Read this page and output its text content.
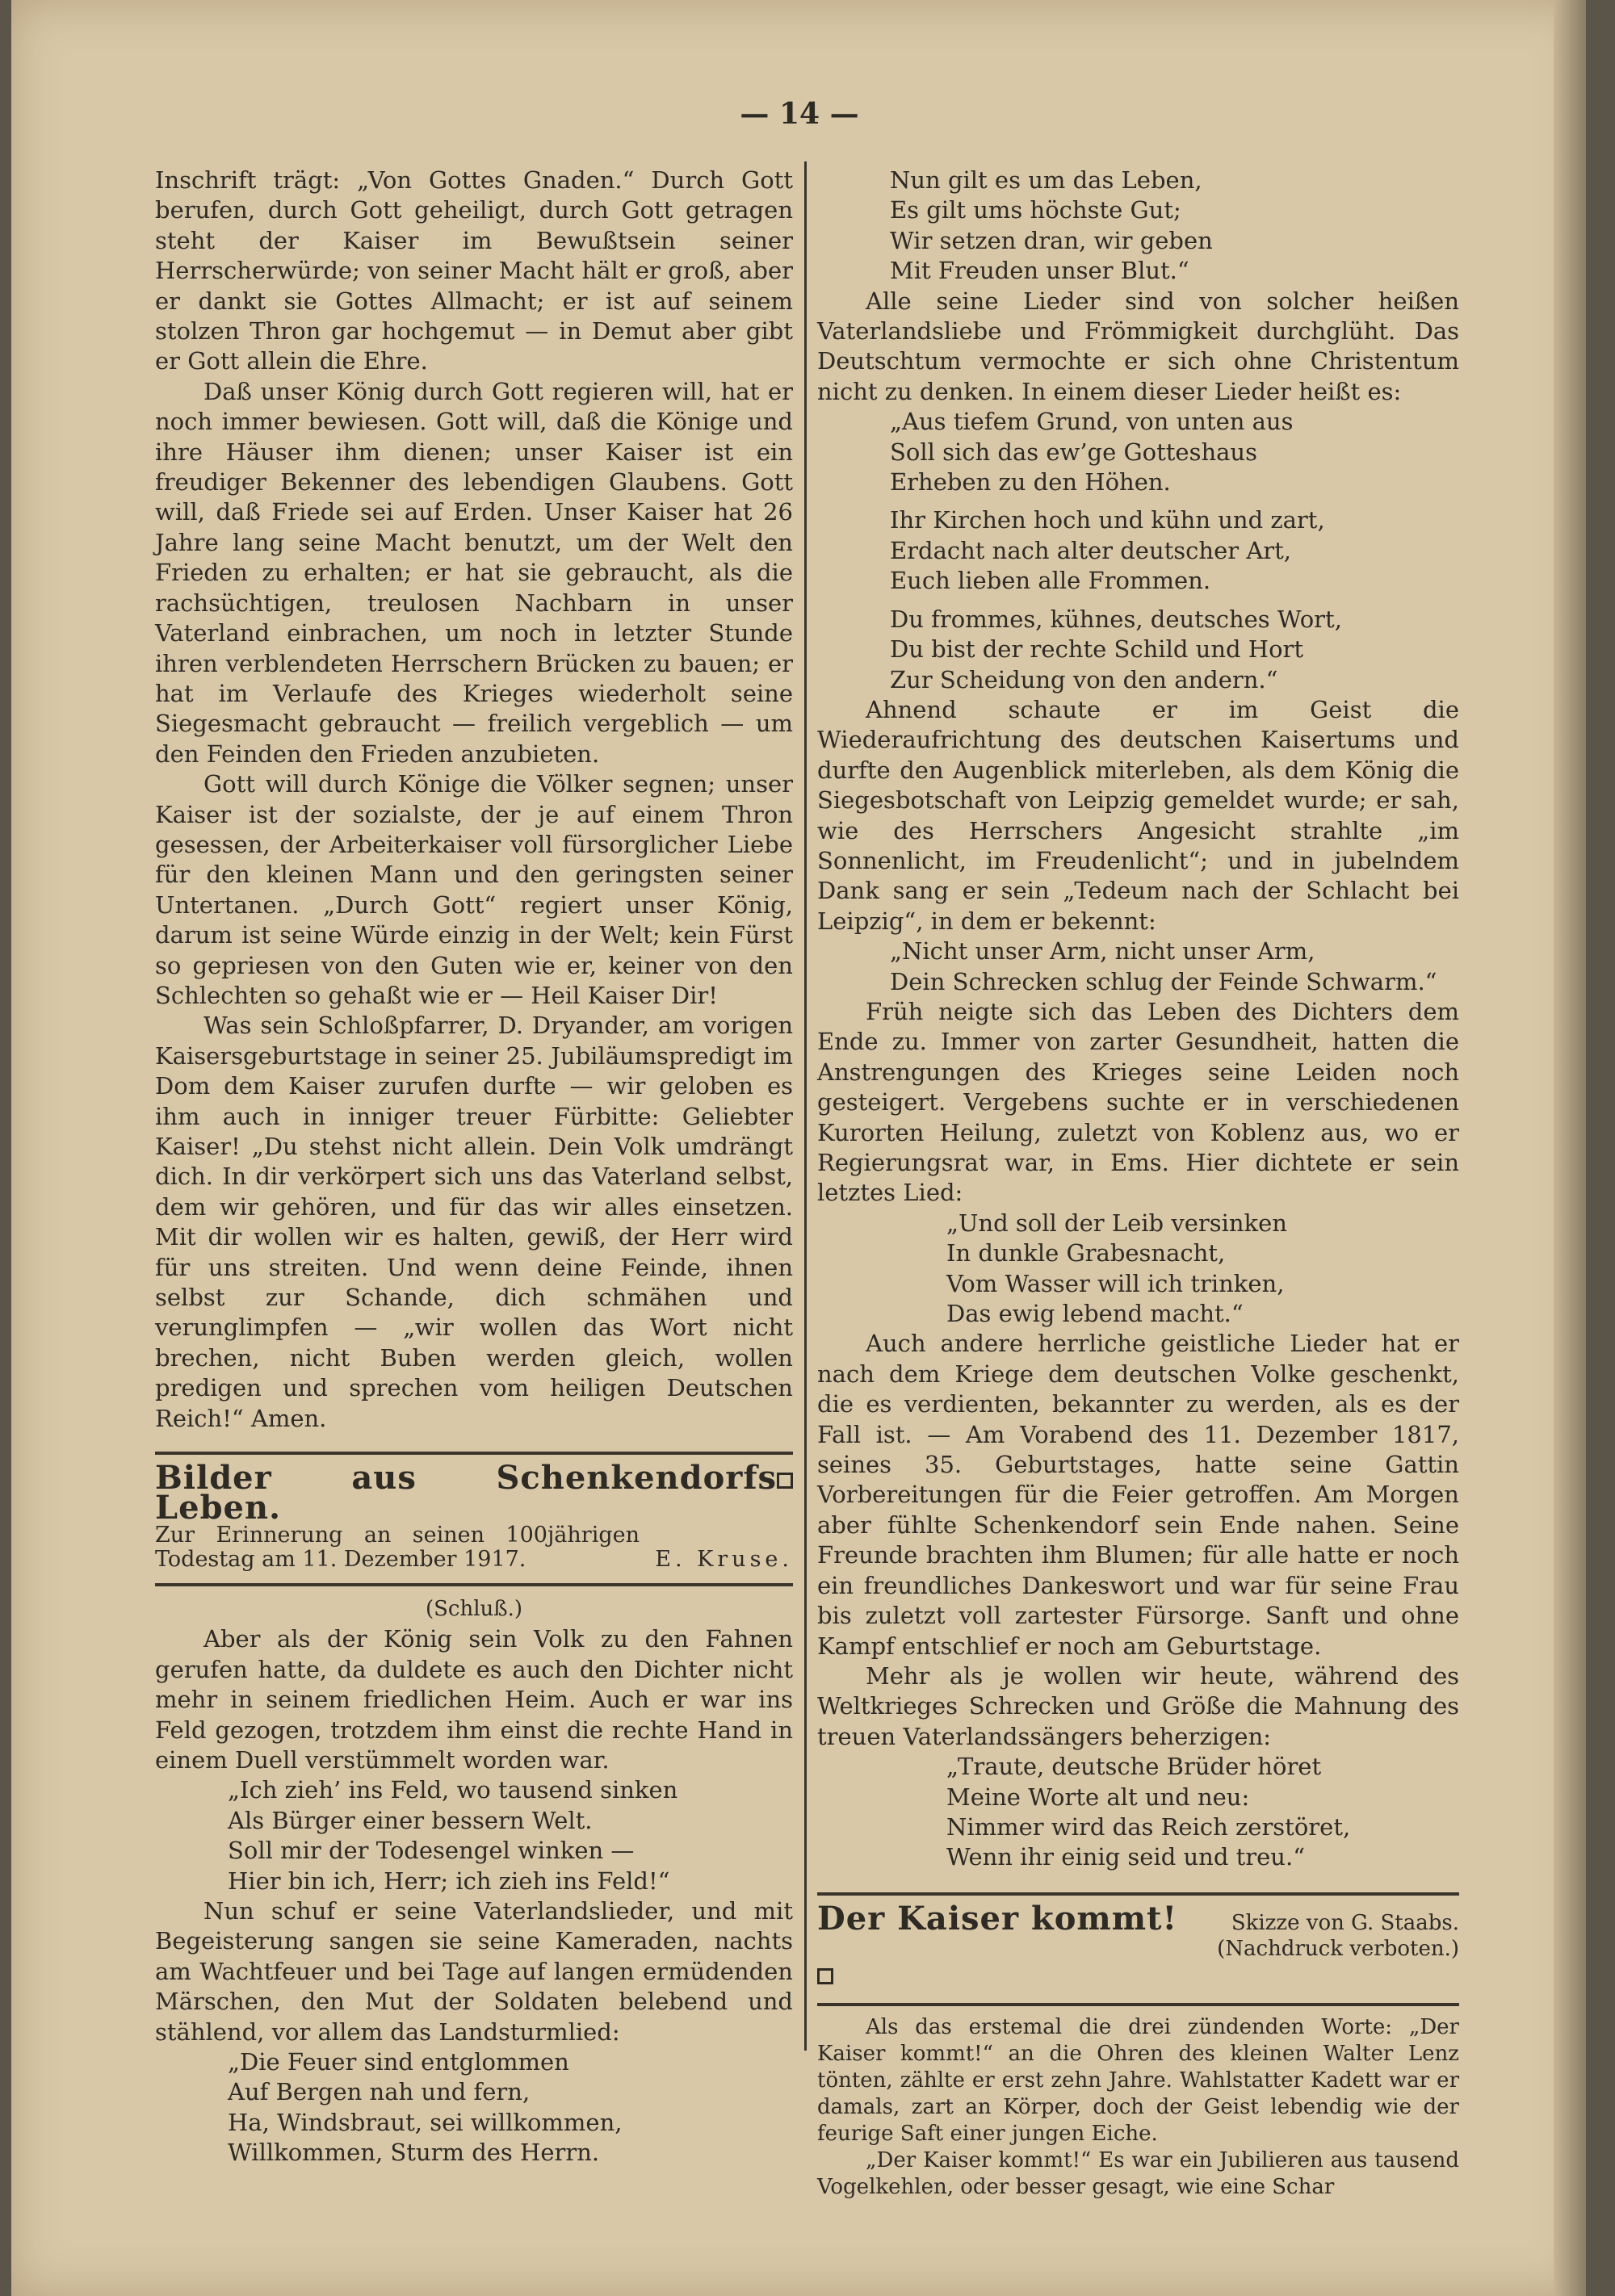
— 14 —

Inschrift trägt: „Von Gottes Gnaden.“ Durch Gott berufen, durch Gott geheiligt, durch Gott getragen steht der Kaiser im Bewußtsein seiner Herrscherwürde; von seiner Macht hält er groß, aber er dankt sie Gottes Allmacht; er ist auf seinem stolzen Thron gar hochgemut — in Demut aber gibt er Gott allein die Ehre.

Daß unser König durch Gott regieren will, hat er noch immer bewiesen. Gott will, daß die Könige und ihre Häuser ihm dienen; unser Kaiser ist ein freudiger Bekenner des lebendigen Glaubens. Gott will, daß Friede sei auf Erden. Unser Kaiser hat 26 Jahre lang seine Macht benutzt, um der Welt den Frieden zu erhalten; er hat sie gebraucht, als die rachsüchtigen, treulosen Nachbarn in unser Vaterland einbrachen, um noch in letzter Stunde ihren verblendeten Herrschern Brücken zu bauen; er hat im Verlaufe des Krieges wiederholt seine Siegesmacht gebraucht — freilich vergeblich — um den Feinden den Frieden anzubieten.

Gott will durch Könige die Völker segnen; unser Kaiser ist der sozialste, der je auf einem Thron gesessen, der Arbeiterkaiser voll fürsorglicher Liebe für den kleinen Mann und den geringsten seiner Untertanen. „Durch Gott“ regiert unser König, darum ist seine Würde einzig in der Welt; kein Fürst so gepriesen von den Guten wie er, keiner von den Schlechten so gehaßt wie er — Heil Kaiser Dir!

Was sein Schloßpfarrer, D. Dryander, am vorigen Kaisersgeburtstage in seiner 25. Jubiläumspredigt im Dom dem Kaiser zurufen durfte — wir geloben es ihm auch in inniger treuer Fürbitte: Geliebter Kaiser! „Du stehst nicht allein. Dein Volk umdrängt dich. In dir verkörpert sich uns das Vaterland selbst, dem wir gehören, und für das wir alles einsetzen. Mit dir wollen wir es halten, gewiß, der Herr wird für uns streiten. Und wenn deine Feinde, ihnen selbst zur Schande, dich schmähen und verunglimpfen — „wir wollen das Wort nicht brechen, nicht Buben werden gleich, wollen predigen und sprechen vom heiligen Deutschen Reich!“ Amen.

Bilder aus Schenkendorfs Leben.
Zur Erinnerung an seinen 100jährigen Todestag am 11. Dezember 1917.	E. Kruse.
(Schluß.)

Aber als der König sein Volk zu den Fahnen gerufen hatte, da duldete es auch den Dichter nicht mehr in seinem friedlichen Heim. Auch er war ins Feld gezogen, trotzdem ihm einst die rechte Hand in einem Duell verstümmelt worden war.

„Ich zieh’ ins Feld, wo tausend sinken
Als Bürger einer bessern Welt.
Soll mir der Todesengel winken —
Hier bin ich, Herr; ich zieh ins Feld!“

Nun schuf er seine Vaterlandslieder, und mit Begeisterung sangen sie seine Kameraden, nachts am Wachtfeuer und bei Tage auf langen ermüdenden Märschen, den Mut der Soldaten belebend und stählend, vor allem das Landsturmlied:

„Die Feuer sind entglommen
Auf Bergen nah und fern,
Ha, Windsbraut, sei willkommen,
Willkommen, Sturm des Herrn.
Nun gilt es um das Leben,
Es gilt ums höchste Gut;
Wir setzen dran, wir geben
Mit Freuden unser Blut.“

Alle seine Lieder sind von solcher heißen Vaterlandsliebe und Frömmigkeit durchglüht. Das Deutschtum vermochte er sich ohne Christentum nicht zu denken. In einem dieser Lieder heißt es:

„Aus tiefem Grund, von unten aus
Soll sich das ew’ge Gotteshaus
Erheben zu den Höhen.
Ihr Kirchen hoch und kühn und zart,
Erdacht nach alter deutscher Art,
Euch lieben alle Frommen.
Du frommes, kühnes, deutsches Wort,
Du bist der rechte Schild und Hort
Zur Scheidung von den andern.“

Ahnend schaute er im Geist die Wiederaufrichtung des deutschen Kaisertums und durfte den Augenblick miterleben, als dem König die Siegesbotschaft von Leipzig gemeldet wurde; er sah, wie des Herrschers Angesicht strahlte „im Sonnenlicht, im Freudenlicht“; und in jubelndem Dank sang er sein „Tedeum nach der Schlacht bei Leipzig“, in dem er bekennt:

„Nicht unser Arm, nicht unser Arm,
Dein Schrecken schlug der Feinde Schwarm.“

Früh neigte sich das Leben des Dichters dem Ende zu. Immer von zarter Gesundheit, hatten die Anstrengungen des Krieges seine Leiden noch gesteigert. Vergebens suchte er in verschiedenen Kurorten Heilung, zuletzt von Koblenz aus, wo er Regierungsrat war, in Ems. Hier dichtete er sein letztes Lied:

„Und soll der Leib versinken
In dunkle Grabesnacht,
Vom Wasser will ich trinken,
Das ewig lebend macht.“

Auch andere herrliche geistliche Lieder hat er nach dem Kriege dem deutschen Volke geschenkt, die es verdienten, bekannter zu werden, als es der Fall ist. — Am Vorabend des 11. Dezember 1817, seines 35. Geburtstages, hatte seine Gattin Vorbereitungen für die Feier getroffen. Am Morgen aber fühlte Schenkendorf sein Ende nahen. Seine Freunde brachten ihm Blumen; für alle hatte er noch ein freundliches Dankeswort und war für seine Frau bis zuletzt voll zartester Fürsorge. Sanft und ohne Kampf entschlief er noch am Geburtstage.

Mehr als je wollen wir heute, während des Weltkrieges Schrecken und Größe die Mahnung des treuen Vaterlandssängers beherzigen:

„Traute, deutsche Brüder höret
Meine Worte alt und neu:
Nimmer wird das Reich zerstöret,
Wenn ihr einig seid und treu.“
Der Kaiser kommt!	Skizze von G. Staabs.
(Nachdruck verboten.)

Als das erstemal die drei zündenden Worte: „Der Kaiser kommt!“ an die Ohren des kleinen Walter Lenz tönten, zählte er erst zehn Jahre. Wahlstatter Kadett war er damals, zart an Körper, doch der Geist lebendig wie der feurige Saft einer jungen Eiche.

„Der Kaiser kommt!“ Es war ein Jubilieren aus tausend Vogelkehlen, oder besser gesagt, wie eine Schar
